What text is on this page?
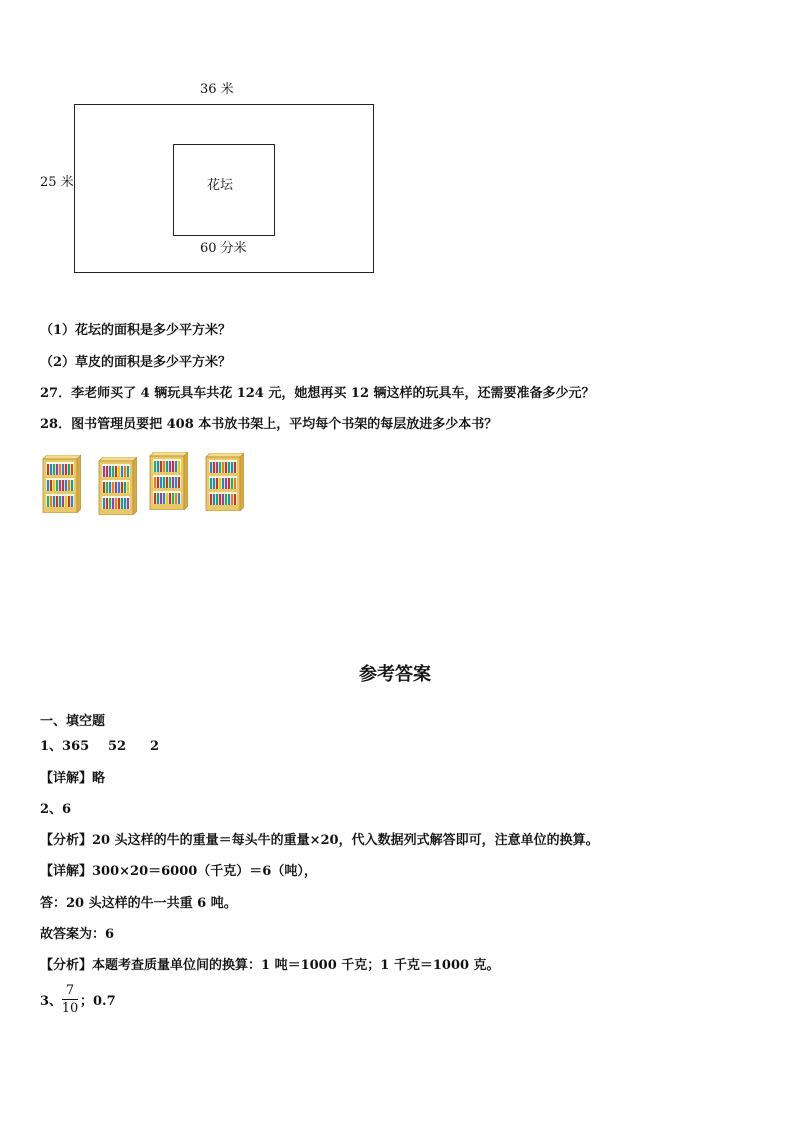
36 米
25 米	花坛
60 分米
（1）花坛的面积是多少平方米？
（2）草皮的面积是多少平方米？
27．李老师买了 4 辆玩具车共花 124 元，她想再买 12 辆这样的玩具车，还需要准备多少元？
28．图书管理员要把 408 本书放书架上，平均每个书架的每层放进多少本书？
参考答案
一、填空题
1、365 52 2
【详解】略
2、6
【分析】20 头这样的牛的重量＝每头牛的重量×20，代入数据列式解答即可，注意单位的换算。
【详解】300×20＝6000（千克）＝6（吨），
答：20 头这样的牛一共重 6 吨。
故答案为：6
【分析】本题考查质量单位间的换算：1 吨＝1000 千克；1 千克＝1000 克。
3、
7
10 ；0.7
